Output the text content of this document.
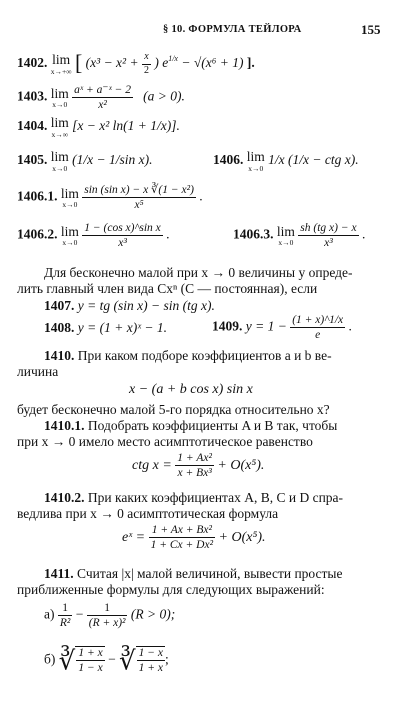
§ 10. ФОРМУЛА ТЕЙЛОРА	155
1402. lim
x→+∞ [ ($x^3 - x^2 + \frac{x}{2}$ ) $e^{1/x} - √(x^6 + 1)$ ].
1403. lim
x→0
$\frac{\text{aˣ + a⁻ˣ − 2}}{\text{x²}} (a > 0)$.
1404. lim
x→∞
[x − x² ln(1 + 1/x)].
1405. lim
x→0
(1/x − 1/sin x).	1406. lim
x→0
1/x (1/x − ctg x).
1406.1. lim
x→0
$\frac{\text{sin (sin x) − x ∛(1 − x²)}}{\text{x⁵}}$ .
1406.2. lim
x→0
$\frac{\text{1 − (cos x)\textasciicircum{}sin x}}{\text{x³}}$ .	1406.3. lim
x→0
$\frac{\text{sh (tg x) − x}}{\text{x³}}$ .
Для бесконечно малой при x → 0 величины y опреде-
лить главный член вида Cxⁿ (C — постоянная), если
1407. y = tg (sin x) − sin (tg x).
1408. y = (1 + x)ˣ − 1.	1409. $y = 1 - \frac{(1 + x)\^{}1/x}{e}$ .
1410. При каком подборе коэффициентов a и b ве-
личина
x − (a + b cos x) sin x
будет бесконечно малой 5-го порядка относительно x?
1410.1. Подобрать коэффициенты A и B так, чтобы
при x → 0 имело место асимптотическое равенство
ctg $x = \frac{\text{1 + Ax²}}{\text{x + Bx³}} + O(x^5)$.
1410.2. При каких коэффициентах A, B, C и D спра-
ведлива при x → 0 асимптотическая формула
eˣ = $\frac{\text{1 + Ax + Bx²}}{\text{1 + Cx + Dx²}} + O(x^5)$.
1411. Считая |x| малой величиной, вывести простые
приближенные формулы для следующих выражений:
$а) \frac{1}{\text{R²}} - \frac{1}{\text{(R + x)²}} (R > 0)$;
б) ∛ $\frac{1 + x}{1 - x}$ − ∛ $\frac{1 - x}{1 + x}$ ;
